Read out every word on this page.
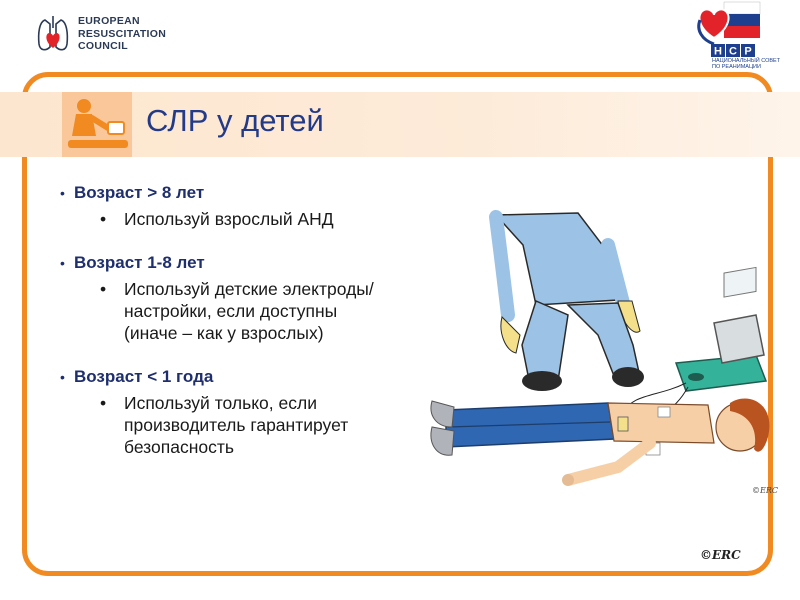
EUROPEAN
RESUSCITATION
COUNCIL	Н С Р
НАЦИОНАЛЬНЫЙ СОВЕТ
ПО РЕАНИМАЦИИ
СЛР у детей
• Возраст > 8 лет
• Используй взрослый АНД
• Возраст 1-8 лет
• Используй детские электроды/настройки, если доступны (иначе – как у взрослых)
• Возраст < 1 года
• Используй только, если производитель гарантирует безопасность
©ERC
©ERC
